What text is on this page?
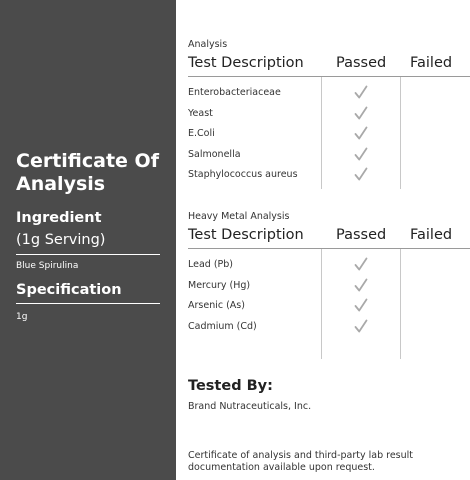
Certificate Of Analysis
Ingredient
(1g Serving)
Blue Spirulina
Specification
1g
Analysis
Test Description Passed Failed
Enterobacteriaceae
Yeast
E.Coli
Salmonella
Staphylococcus aureus
Heavy Metal Analysis
Test Description Passed Failed
Lead (Pb)
Mercury (Hg)
Arsenic (As)
Cadmium (Cd)
Tested By:
Brand Nutraceuticals, Inc.
Certificate of analysis and third-party lab result documentation available upon request.
